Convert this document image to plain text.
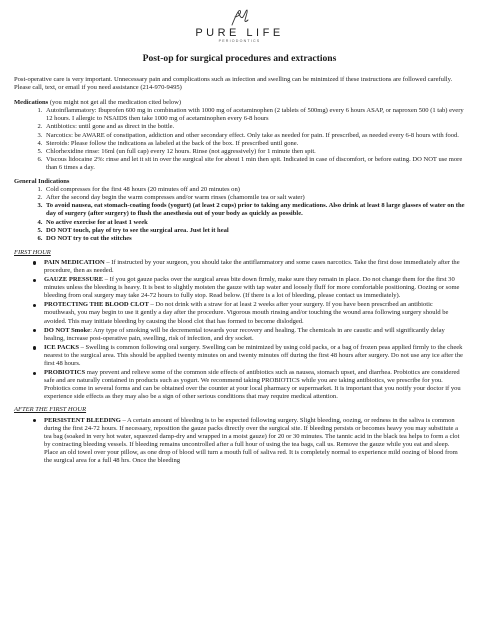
PURE LIFE
PERIODONTICS
Post-op for surgical procedures and extractions

Post-operative care is very important. Unnecessary pain and complications such as infection and swelling can be minimized if these instructions are followed carefully. Please call, text, or email if you need assistance (214-970-9495)

Medications (you might not get all the medication cited below)

1. Autoinflammatory: Ibuprofen 600 mg in combination with 1000 mg of acetaminophen (2 tablets of 500mg) every 6 hours ASAP, or naproxen 500 (1 tab) every 12 hours. I allergic to NSAIDS then take 1000 mg of acetaminophen every 6-8 hours
2. Antibiotics: until gone and as direct in the bottle.
3. Narcotics: be AWARE of constipation, addiction and other secondary effect. Only take as needed for pain. If prescribed, as needed every 6-8 hours with food.
4. Steroids: Please follow the indications as labeled at the back of the box. If prescribed until gone.
5. Chlorhexidine rinse: 16ml (un full cap) every 12 hours. Rinse (not aggressively) for 1 minute then spit.
6. Viscous lidocaine 2%: rinse and let it sit in over the surgical site for about 1 min then spit. Indicated in case of discomfort, or before eating. DO NOT use more than 6 times a day.

General Indications

1. Cold compresses for the first 48 hours (20 minutes off and 20 minutes on)
2. After the second day begin the warm compresses and/or warm rinses (chamomile tea or salt water)
3. To avoid nausea, eat stomach-coating foods (yogurt) (at least 2 cups) prior to taking any medications. Also drink at least 8 large glasses of water on the day of surgery (after surgery) to flush the anesthesia out of your body as quickly as possible.
4. No active exercise for at least 1 week
5. DO NOT touch, play of try to see the surgical area. Just let it heal
6. DO NOT try to cut the stitches

FIRST HOUR

PAIN MEDICATION – If instructed by your surgeon, you should take the antiflammatory and some cases narcotics. Take the first dose immediately after the procedure, then as needed.
GAUZE PRESSURE – If you got gauze packs over the surgical areas bite down firmly, make sure they remain in place. Do not change them for the first 30 minutes unless the bleeding is heavy. It is best to slightly moisten the gauze with tap water and loosely fluff for more comfortable positioning. Oozing or some bleeding from oral surgery may take 24-72 hours to fully stop. Read below. (If there is a lot of bleeding, please contact us immediately).
PROTECTING THE BLOOD CLOT – Do not drink with a straw for at least 2 weeks after your surgery. If you have been prescribed an antibiotic mouthwash, you may begin to use it gently a day after the procedure. Vigorous mouth rinsing and/or touching the wound area following surgery should be avoided. This may initiate bleeding by causing the blood clot that has formed to become dislodged.
DO NOT Smoke: Any type of smoking will be decremental towards your recovery and healing. The chemicals in are caustic and will significantly delay healing, increase post-operative pain, swelling, risk of infection, and dry socket.
ICE PACKS – Swelling is common following oral surgery. Swelling can be minimized by using cold packs, or a bag of frozen peas applied firmly to the cheek nearest to the surgical area. This should be applied twenty minutes on and twenty minutes off during the first 48 hours after surgery. Do not use any ice after the first 48 hours.
PROBIOTICS may prevent and relieve some of the common side effects of antibiotics such as nausea, stomach upset, and diarrhea. Probiotics are considered safe and are naturally contained in products such as yogurt. We recommend taking PROBIOTICS while you are taking antibiotics, we prescribe for you. Probiotics come in several forms and can be obtained over the counter at your local pharmacy or supermarket. It is important that you notify your doctor if you experience side effects as they may also be a sign of other serious conditions that may require medical attention.

AFTER THE FIRST HOUR

PERSISTENT BLEEDING – A certain amount of bleeding is to be expected following surgery. Slight bleeding, oozing, or redness in the saliva is common during the first 24-72 hours. If necessary, reposition the gauze packs directly over the surgical site. If bleeding persists or becomes heavy you may substitute a tea bag (soaked in very hot water, squeezed damp-dry and wrapped in a moist gauze) for 20 or 30 minutes. The tannic acid in the black tea helps to form a clot by contracting bleeding vessels. If bleeding remains uncontrolled after a full hour of using the tea bags, call us. Remove the gauze while you eat and sleep. Place an old towel over your pillow, as one drop of blood will turn a mouth full of saliva red. It is completely normal to experience mild oozing of blood from the surgical area for a full 48 hrs. Once the bleeding
